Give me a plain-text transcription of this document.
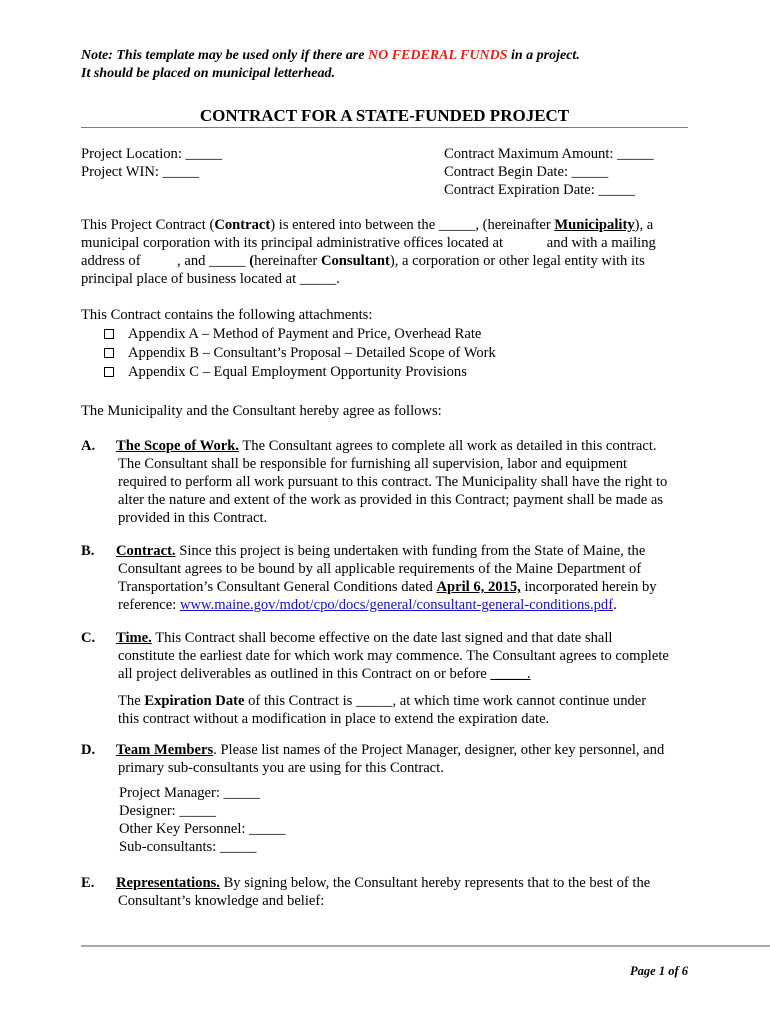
Note: This template may be used only if there are NO FEDERAL FUNDS in a project.
It should be placed on municipal letterhead.
CONTRACT FOR A STATE-FUNDED PROJECT
Project Location: _____
Project WIN: _____
Contract Maximum Amount: _____
Contract Begin Date: _____
Contract Expiration Date: _____
This Project Contract (Contract) is entered into between the _____, (hereinafter Municipality), a
municipal corporation with its principal administrative offices located at            and with a mailing
address of          , and _____ (hereinafter Consultant), a corporation or other legal entity with its
principal place of business located at _____.
This Contract contains the following attachments:
Appendix A – Method of Payment and Price, Overhead Rate
Appendix B – Consultant’s Proposal – Detailed Scope of Work
Appendix C – Equal Employment Opportunity Provisions
The Municipality and the Consultant hereby agree as follows:
A. The Scope of Work. The Consultant agrees to complete all work as detailed in this contract.
The Consultant shall be responsible for furnishing all supervision, labor and equipment
required to perform all work pursuant to this contract. The Municipality shall have the right to
alter the nature and extent of the work as provided in this Contract; payment shall be made as
provided in this Contract.
B. Contract. Since this project is being undertaken with funding from the State of Maine, the
Consultant agrees to be bound by all applicable requirements of the Maine Department of
Transportation’s Consultant General Conditions dated April 6, 2015, incorporated herein by
reference: www.maine.gov/mdot/cpo/docs/general/consultant-general-conditions.pdf.
C. Time. This Contract shall become effective on the date last signed and that date shall
constitute the earliest date for which work may commence. The Consultant agrees to complete
all project deliverables as outlined in this Contract on or before _____.
The Expiration Date of this Contract is _____, at which time work cannot continue under
this contract without a modification in place to extend the expiration date.
D. Team Members. Please list names of the Project Manager, designer, other key personnel, and
primary sub-consultants you are using for this Contract.
Project Manager: _____
Designer: _____
Other Key Personnel: _____
Sub-consultants: _____
E. Representations. By signing below, the Consultant hereby represents that to the best of the
Consultant’s knowledge and belief:
Page 1 of 6
